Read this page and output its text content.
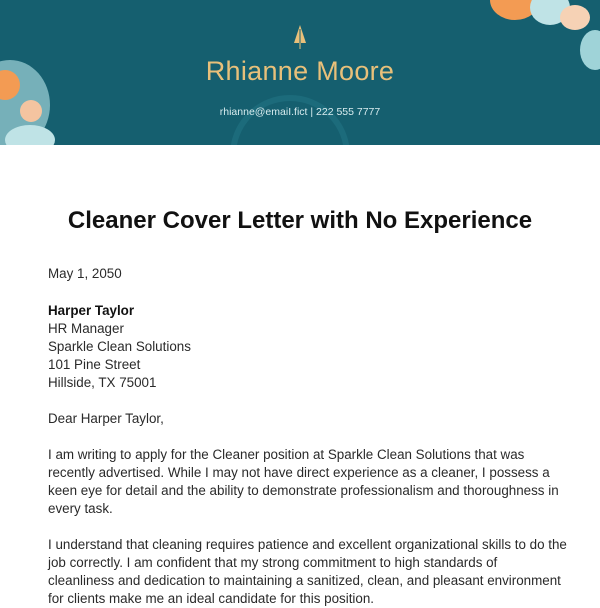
Rhianne Moore
rhianne@emaiI.fict | 222 555 7777
Cleaner Cover Letter with No Experience
May 1, 2050
Harper Taylor
HR Manager
Sparkle Clean Solutions
101 Pine Street
Hillside, TX 75001
Dear Harper Taylor,
I am writing to apply for the Cleaner position at Sparkle Clean Solutions that was
recently advertised. While I may not have direct experience as a cleaner, I possess a
keen eye for detail and the ability to demonstrate professionalism and thoroughness in
every task.
I understand that cleaning requires patience and excellent organizational skills to do the
job correctly. I am confident that my strong commitment to high standards of
cleanliness and dedication to maintaining a sanitized, clean, and pleasant environment
for clients make me an ideal candidate for this position.
